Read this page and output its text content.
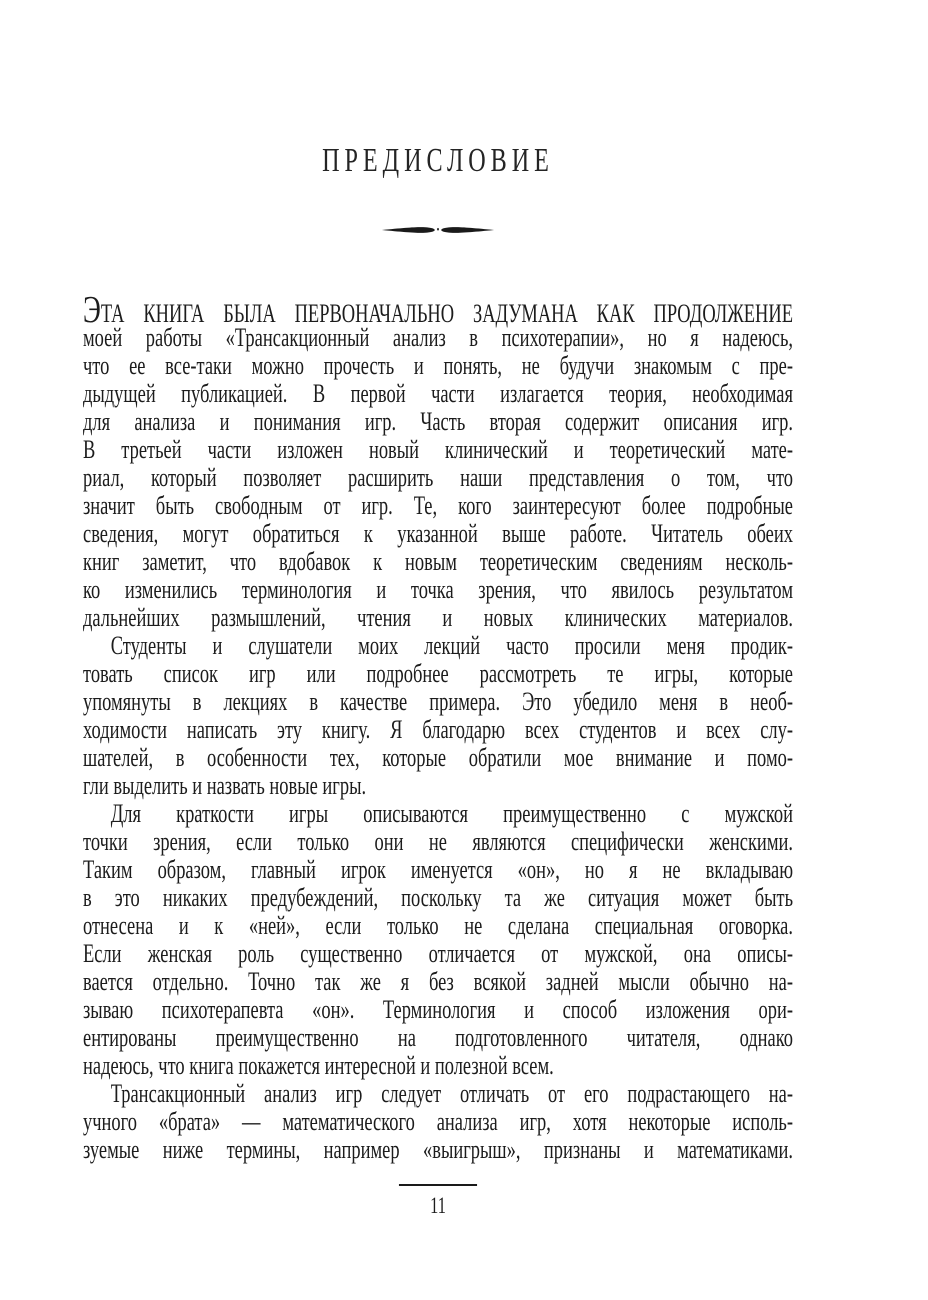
ПРЕДИСЛОВИЕ
ЭТА КНИГА БЫЛА ПЕРВОНАЧАЛЬНО ЗАДУМАНА КАК ПРОДОЛЖЕНИЕ
моей работы «Трансакционный анализ в психотерапии», но я надеюсь,
что ее все-таки можно прочесть и понять, не будучи знакомым с пре-
дыдущей публикацией. В первой части излагается теория, необходимая
для анализа и понимания игр. Часть вторая содержит описания игр.
В третьей части изложен новый клинический и теоретический мате-
риал, который позволяет расширить наши представления о том, что
значит быть свободным от игр. Те, кого заинтересуют более подробные
сведения, могут обратиться к указанной выше работе. Читатель обеих
книг заметит, что вдобавок к новым теоретическим сведениям несколь-
ко изменились терминология и точка зрения, что явилось результатом
дальнейших размышлений, чтения и новых клинических материалов.
Студенты и слушатели моих лекций часто просили меня продик-
товать список игр или подробнее рассмотреть те игры, которые
упомянуты в лекциях в качестве примера. Это убедило меня в необ-
ходимости написать эту книгу. Я благодарю всех студентов и всех слу-
шателей, в особенности тех, которые обратили мое внимание и помо-
гли выделить и назвать новые игры.
Для краткости игры описываются преимущественно с мужской
точки зрения, если только они не являются специфически женскими.
Таким образом, главный игрок именуется «он», но я не вкладываю
в это никаких предубеждений, поскольку та же ситуация может быть
отнесена и к «ней», если только не сделана специальная оговорка.
Если женская роль существенно отличается от мужской, она описы-
вается отдельно. Точно так же я без всякой задней мысли обычно на-
зываю психотерапевта «он». Терминология и способ изложения ори-
ентированы преимущественно на подготовленного читателя, однако
надеюсь, что книга покажется интересной и полезной всем.
Трансакционный анализ игр следует отличать от его подрастающего на-
учного «брата» — математического анализа игр, хотя некоторые исполь-
зуемые ниже термины, например «выигрыш», признаны и математиками.
11
